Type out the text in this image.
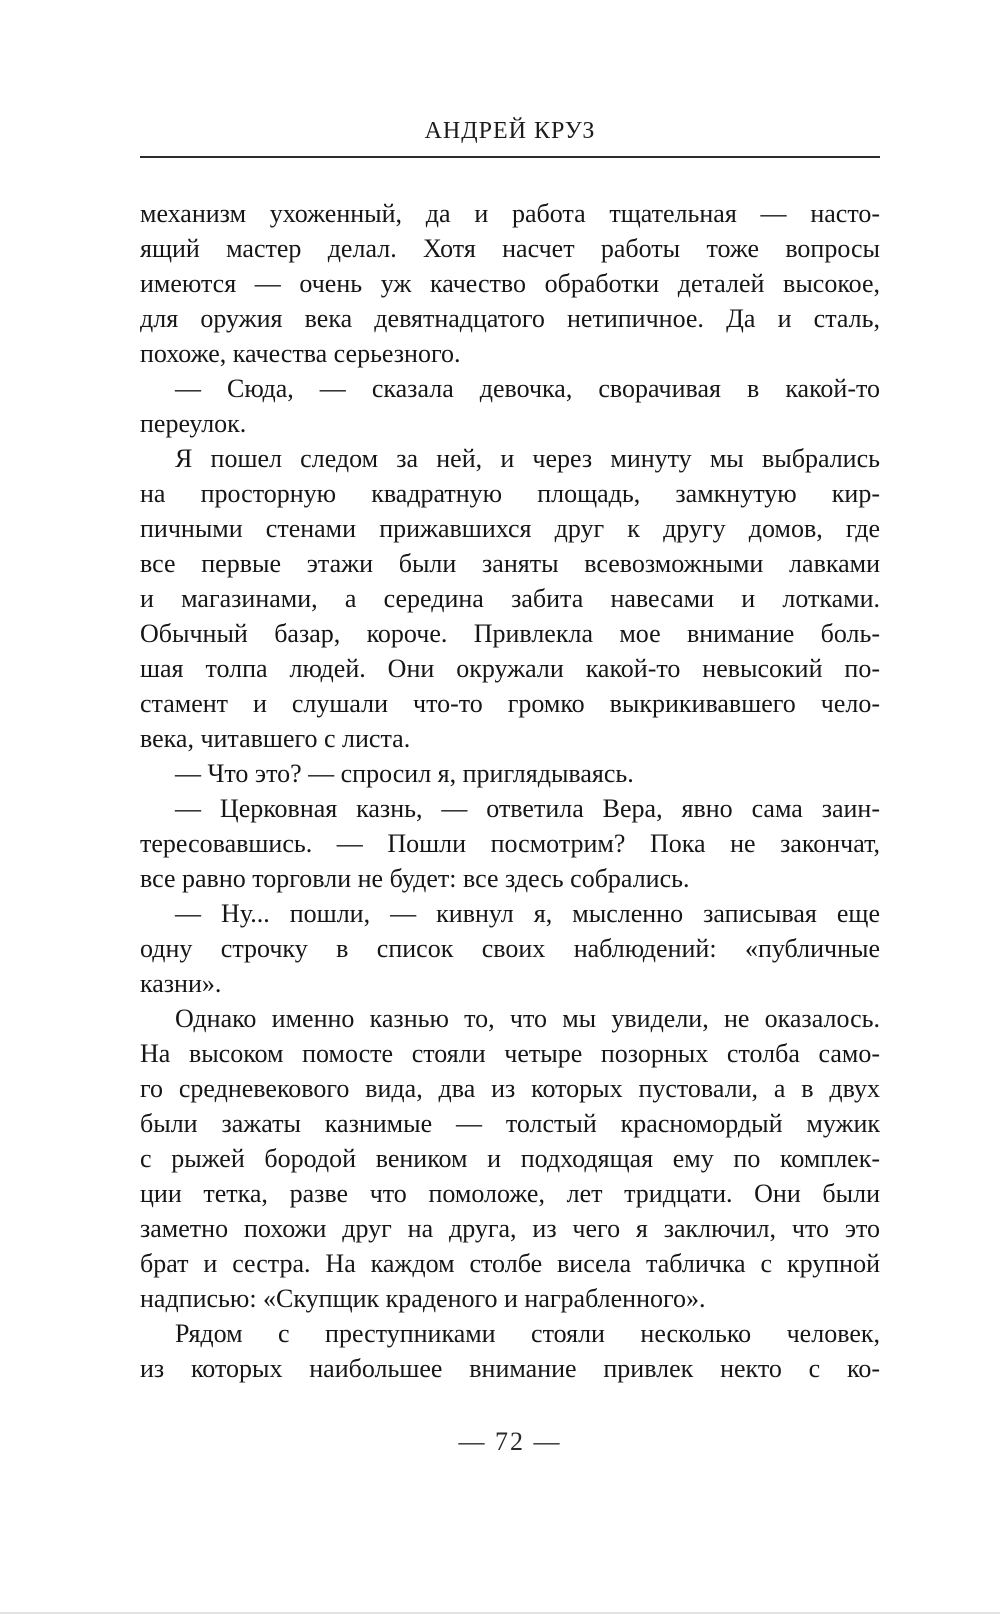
АНДРЕЙ КРУЗ

механизм ухоженный, да и работа тщательная — насто-
ящий мастер делал. Хотя насчет работы тоже вопросы
имеются — очень уж качество обработки деталей высокое,
для оружия века девятнадцатого нетипичное. Да и сталь,
похоже, качества серьезного.

— Сюда, — сказала девочка, сворачивая в какой-то
переулок.

Я пошел следом за ней, и через минуту мы выбрались
на просторную квадратную площадь, замкнутую кир-
пичными стенами прижавшихся друг к другу домов, где
все первые этажи были заняты всевозможными лавками
и магазинами, а середина забита навесами и лотками.
Обычный базар, короче. Привлекла мое внимание боль-
шая толпа людей. Они окружали какой-то невысокий по-
стамент и слушали что-то громко выкрикивавшего чело-
века, читавшего с листа.

— Что это? — спросил я, приглядываясь.

— Церковная казнь, — ответила Вера, явно сама заин-
тересовавшись. — Пошли посмотрим? Пока не закончат,
все равно торговли не будет: все здесь собрались.

— Ну... пошли, — кивнул я, мысленно записывая еще
одну строчку в список своих наблюдений: «публичные
казни».

Однако именно казнью то, что мы увидели, не оказалось.
На высоком помосте стояли четыре позорных столба само-
го средневекового вида, два из которых пустовали, а в двух
были зажаты казнимые — толстый красномордый мужик
с рыжей бородой веником и подходящая ему по комплек-
ции тетка, разве что помоложе, лет тридцати. Они были
заметно похожи друг на друга, из чего я заключил, что это
брат и сестра. На каждом столбе висела табличка с крупной
надписью: «Скупщик краденого и награбленного».

Рядом с преступниками стояли несколько человек,
из которых наибольшее внимание привлек некто с ко-

— 72 —
